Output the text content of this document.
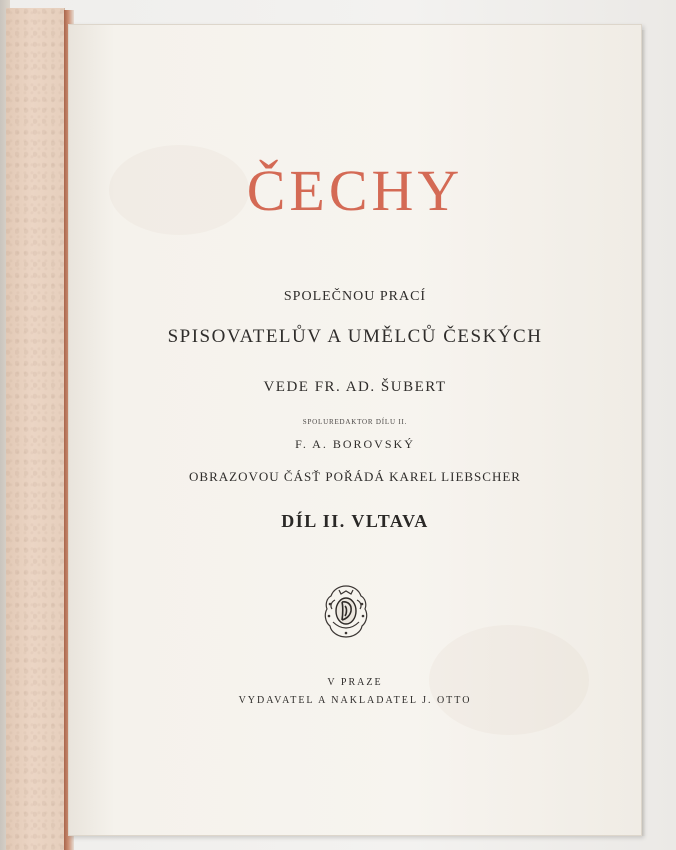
ČECHY
SPOLEČNOU PRACÍ
SPISOVATELŮV A UMĚLCŮ ČESKÝCH
VEDE FR. AD. ŠUBERT
SPOLUREDAKTOR DÍLU II.
F. A. BOROVSKÝ
OBRAZOVOU ČÁSŤ POŘÁDÁ KAREL LIEBSCHER
DÍL II. VLTAVA
V PRAZE
VYDAVATEL A NAKLADATEL J. OTTO
